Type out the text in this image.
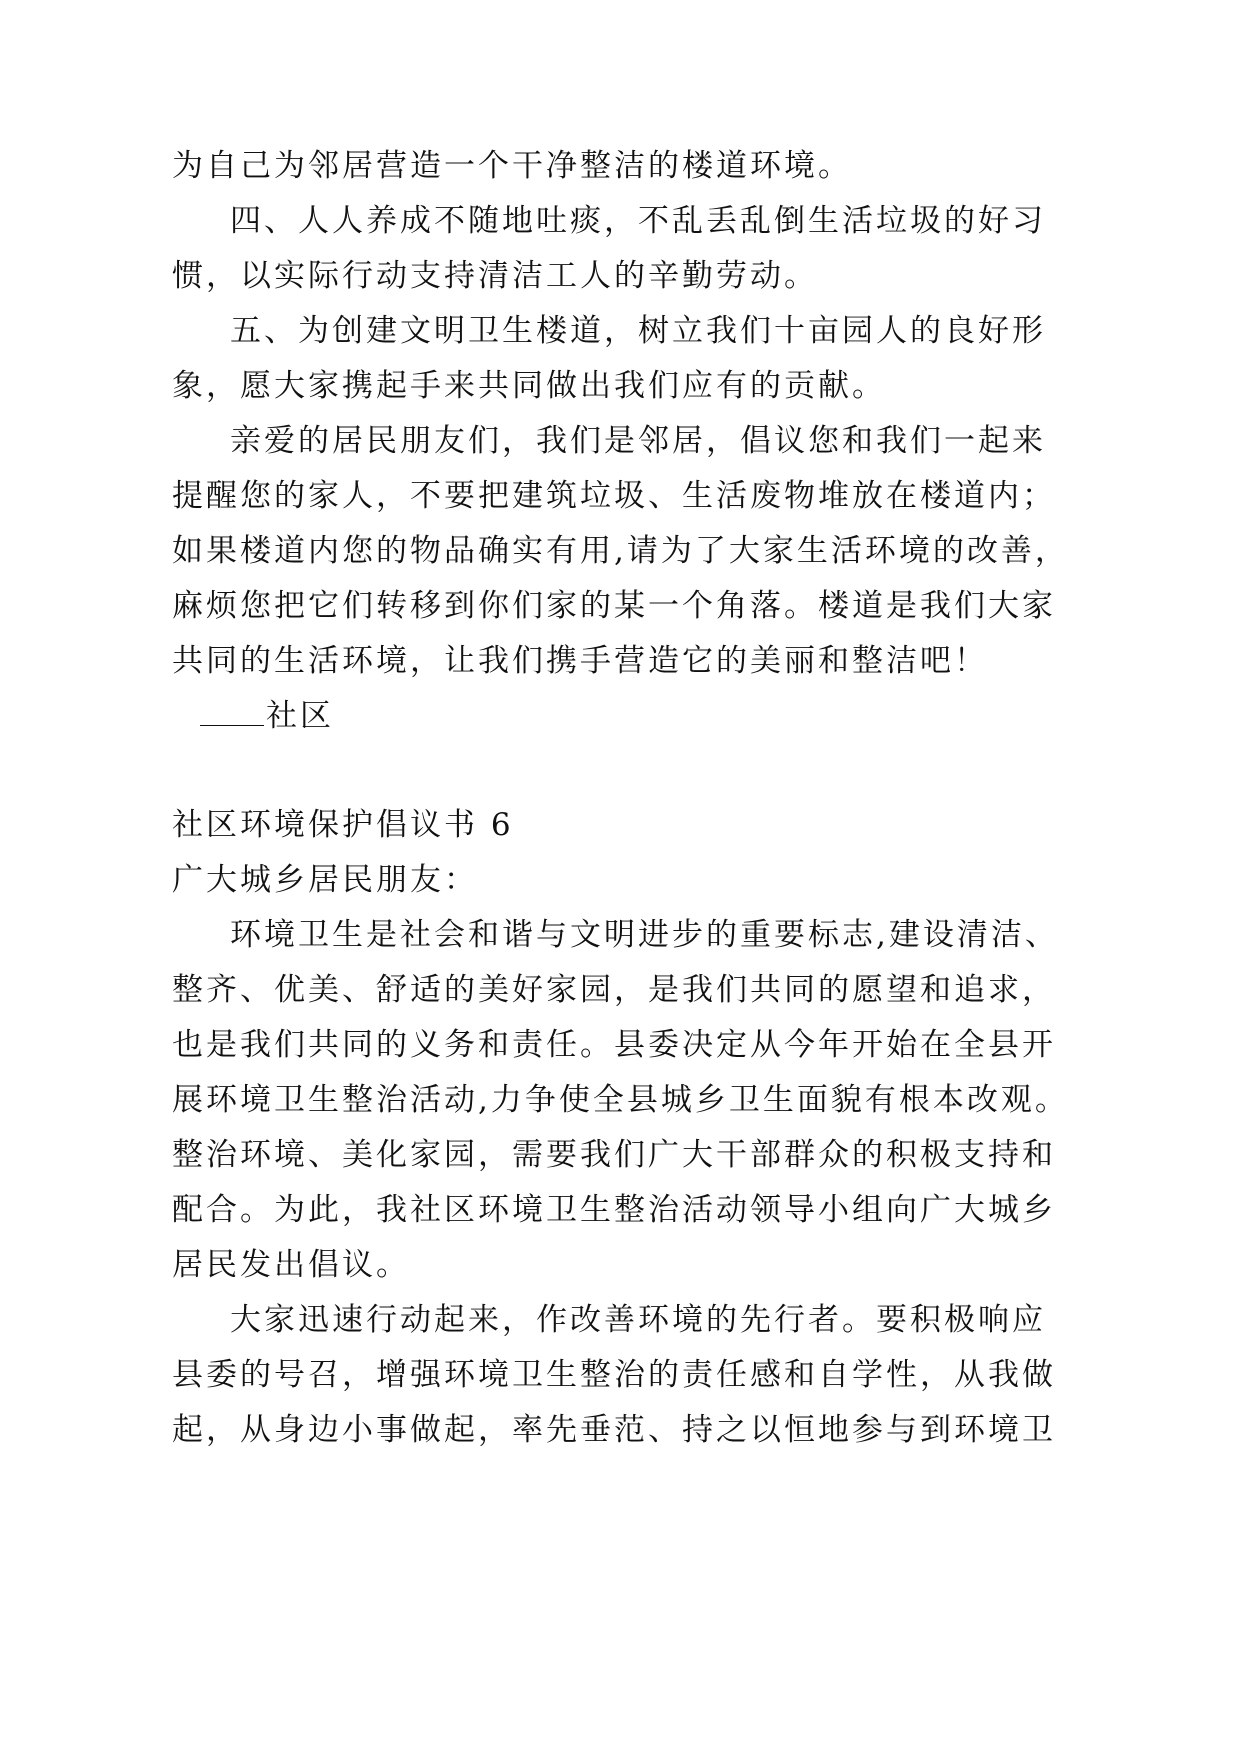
为自己为邻居营造一个干净整洁的楼道环境。
四、人人养成不随地吐痰，不乱丢乱倒生活垃圾的好习
惯，以实际行动支持清洁工人的辛勤劳动。
五、为创建文明卫生楼道，树立我们十亩园人的良好形
象，愿大家携起手来共同做出我们应有的贡献。
亲爱的居民朋友们，我们是邻居，倡议您和我们一起来
提醒您的家人，不要把建筑垃圾、生活废物堆放在楼道内；
如果楼道内您的物品确实有用,请为了大家生活环境的改善，
麻烦您把它们转移到你们家的某一个角落。楼道是我们大家
共同的生活环境，让我们携手营造它的美丽和整洁吧！
社区
社区环境保护倡议书 6
广大城乡居民朋友：
环境卫生是社会和谐与文明进步的重要标志,建设清洁、
整齐、优美、舒适的美好家园，是我们共同的愿望和追求，
也是我们共同的义务和责任。县委决定从今年开始在全县开
展环境卫生整治活动,力争使全县城乡卫生面貌有根本改观。
整治环境、美化家园，需要我们广大干部群众的积极支持和
配合。为此，我社区环境卫生整治活动领导小组向广大城乡
居民发出倡议。
大家迅速行动起来，作改善环境的先行者。要积极响应
县委的号召，增强环境卫生整治的责任感和自学性，从我做
起，从身边小事做起，率先垂范、持之以恒地参与到环境卫
